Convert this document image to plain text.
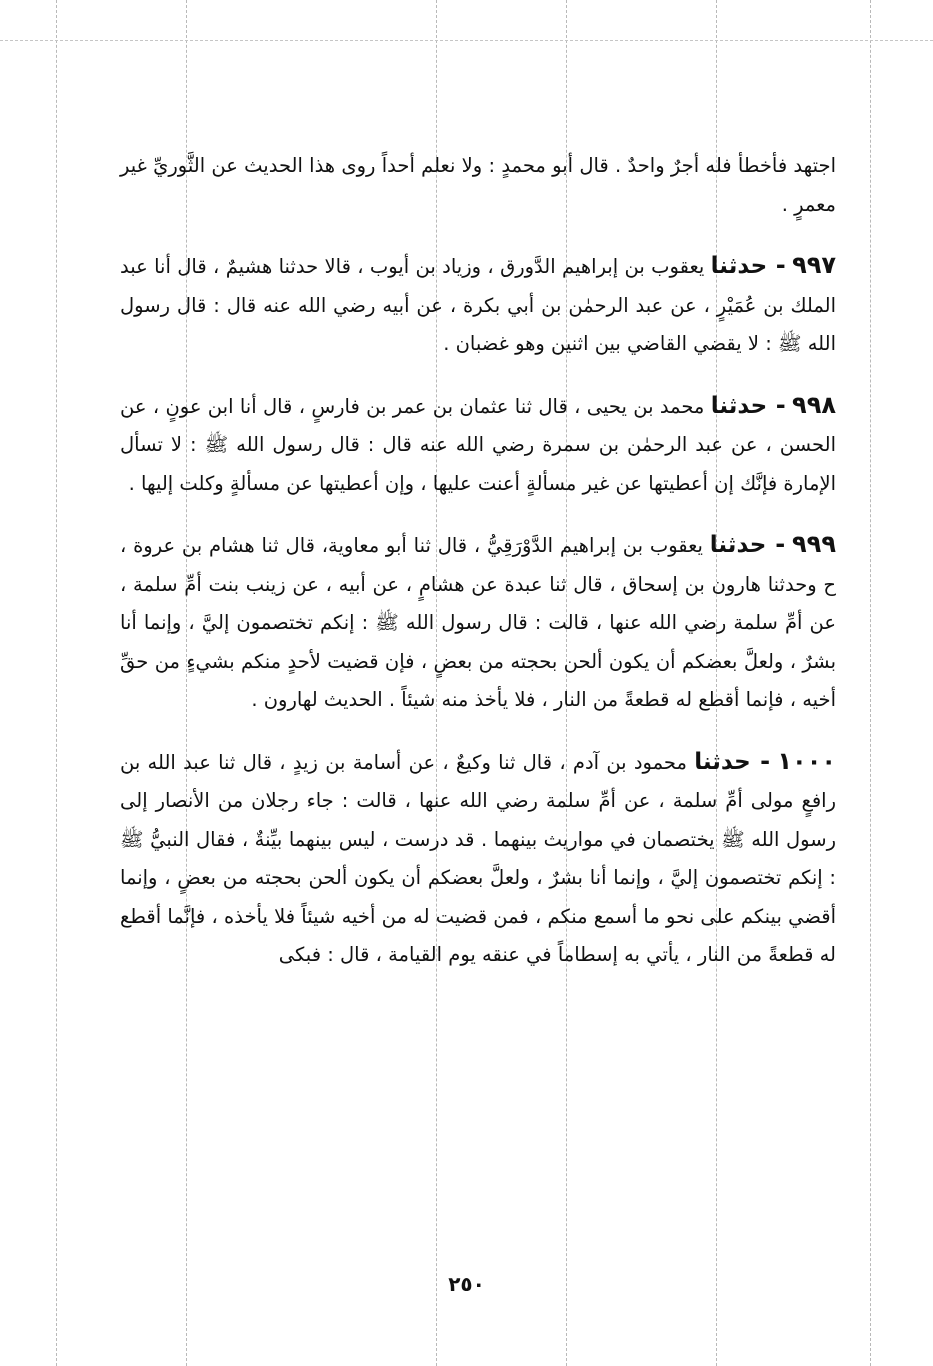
اجتهد فأخطأ فله أجرٌ واحدٌ . قال أبو محمدٍ : ولا نعلم أحداً روى هذا الحديث عن الثَّوريِّ غير معمرٍ .

٩٩٧ - حدثنا يعقوب بن إبراهيم الدَّورق ، وزياد بن أيوب ، قالا حدثنا هشيمٌ ، قال أنا عبد الملك بن عُمَيْرٍ ، عن عبد الرحمٰن بن أبي بكرة ، عن أبيه رضي الله عنه قال : قال رسول الله ﷺ : لا يقضي القاضي بين اثنين وهو غضبان .

٩٩٨ - حدثنا محمد بن يحيى ، قال ثنا عثمان بن عمر بن فارسٍ ، قال أنا ابن عونٍ ، عن الحسن ، عن عبد الرحمٰن بن سمرة رضي الله عنه قال : قال رسول الله ﷺ : لا تسأل الإمارة فإنَّك إن أعطيتها عن غير مسألةٍ أعنت عليها ، وإن أعطيتها عن مسألةٍ وكلت إليها .

٩٩٩ - حدثنا يعقوب بن إبراهيم الدَّوْرَقِيُّ ، قال ثنا أبو معاوية، قال ثنا هشام بن عروة ، ح وحدثنا هارون بن إسحاق ، قال ثنا عبدة عن هشامٍ ، عن أبيه ، عن زينب بنت أمِّ سلمة ، عن أمِّ سلمة رضي الله عنها ، قالت : قال رسول الله ﷺ : إنكم تختصمون إليَّ ، وإنما أنا بشرٌ ، ولعلَّ بعضكم أن يكون ألحن بحجته من بعضٍ ، فإن قضيت لأحدٍ منكم بشيءٍ من حقِّ أخيه ، فإنما أقطع له قطعةً من النار ، فلا يأخذ منه شيئاً . الحديث لهارون .

١٠٠٠ - حدثنا محمود بن آدم ، قال ثنا وكيعٌ ، عن أسامة بن زيدٍ ، قال ثنا عبد الله بن رافعٍ مولى أمِّ سلمة ، عن أمِّ سلمة رضي الله عنها ، قالت : جاء رجلان من الأنصار إلى رسول الله ﷺ يختصمان في مواريث بينهما . قد درست ، ليس بينهما بيِّنةٌ ، فقال النبيُّ ﷺ : إنكم تختصمون إليَّ ، وإنما أنا بشرٌ ، ولعلَّ بعضكم أن يكون ألحن بحجته من بعضٍ ، وإنما أقضي بينكم على نحو ما أسمع منكم ، فمن قضيت له من أخيه شيئاً فلا يأخذه ، فإنَّما أقطع له قطعةً من النار ، يأتي به إسطاماً في عنقه يوم القيامة ، قال : فبكى

٢٥٠
